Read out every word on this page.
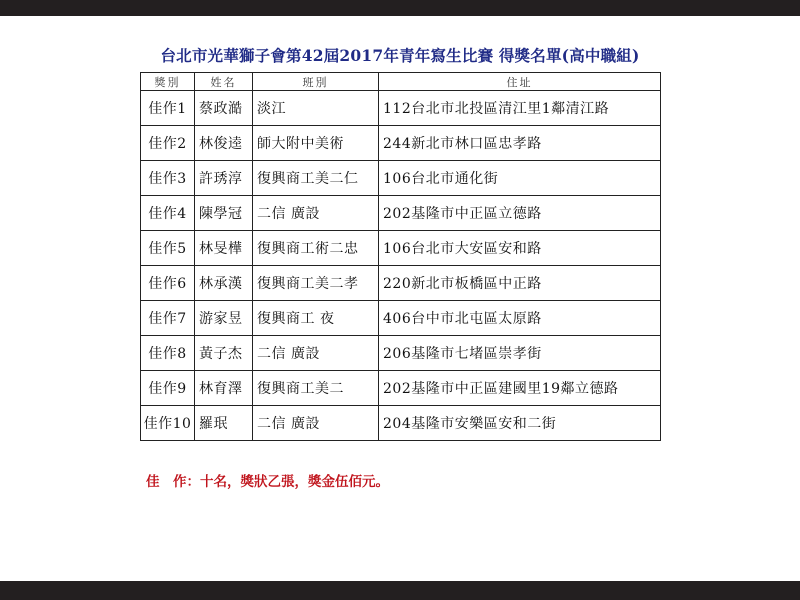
台北市光華獅子會第42屆2017年青年寫生比賽 得獎名單(高中職組)
獎別	姓名	班別	住址
佳作1	蔡政澔	淡江	112台北市北投區清江里1鄰清江路
佳作2	林俊逵	師大附中美術	244新北市林口區忠孝路
佳作3	許琇淳	復興商工美二仁	106台北市通化街
佳作4	陳學冠	二信 廣設	202基隆市中正區立德路
佳作5	林旻樺	復興商工術二忠	106台北市大安區安和路
佳作6	林承漢	復興商工美二孝	220新北市板橋區中正路
佳作7	游家昱	復興商工 夜	406台中市北屯區太原路
佳作8	黃子杰	二信 廣設	206基隆市七堵區崇孝街
佳作9	林育澤	復興商工美二	202基隆市中正區建國里19鄰立德路
佳作10	羅珉	二信 廣設	204基隆市安樂區安和二街
佳　作：十名，獎狀乙張，獎金伍佰元。
